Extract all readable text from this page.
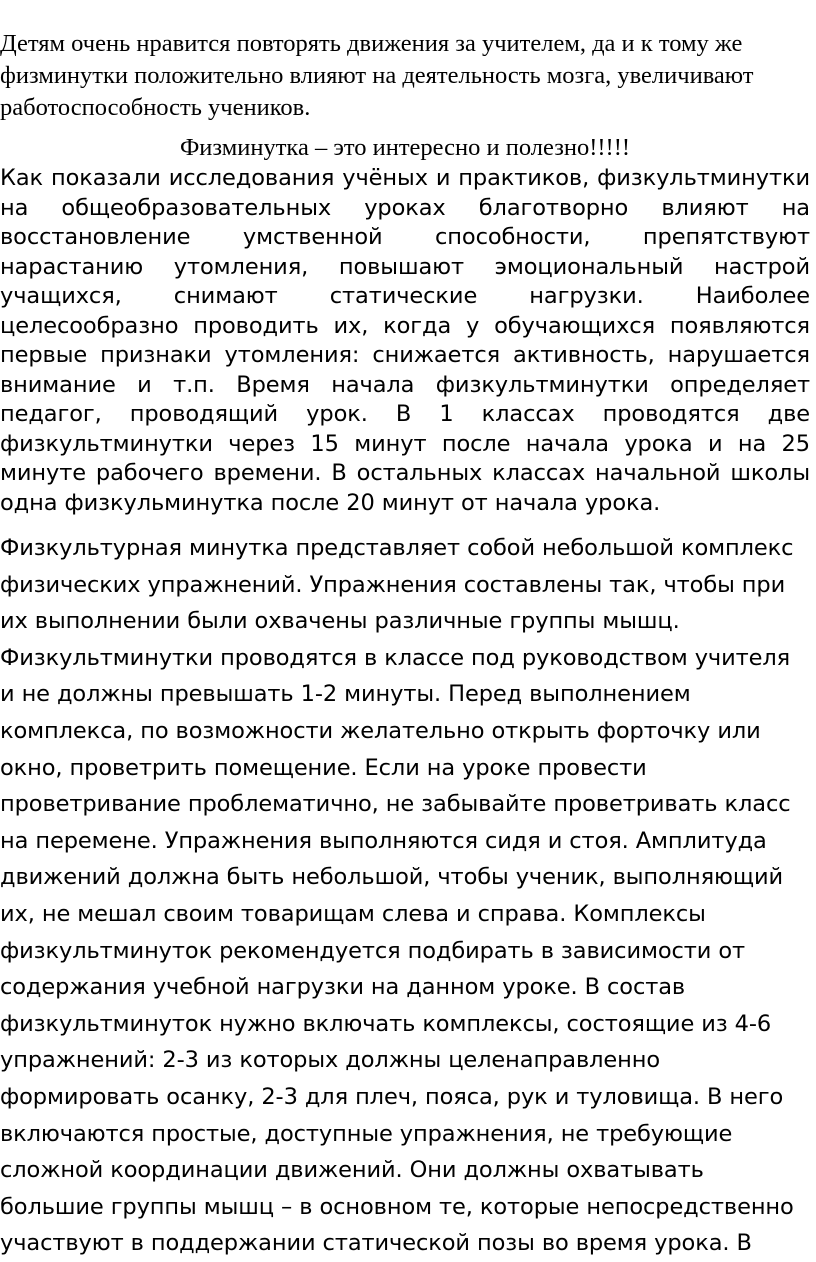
Детям очень нравится повторять движения за учителем, да и к тому же физминутки положительно влияют на деятельность мозга, увеличивают работоспособность учеников.

Физминутка – это интересно и полезно!!!!!

Как показали исследования учёных и практиков, физкультминутки на общеобразовательных уроках благотворно влияют на восстановление умственной способности, препятствуют нарастанию утомления, повышают эмоциональный настрой учащихся, снимают статические нагрузки. Наиболее целесообразно проводить их, когда у обучающихся появляются первые признаки утомления: снижается активность, нарушается внимание и т.п. Время начала физкультминутки определяет педагог, проводящий урок. В 1 классах проводятся две физкультминутки через 15 минут после начала урока и на 25 минуте рабочего времени. В остальных классах начальной школы одна физкульминутка после 20 минут от начала урока.

Физкультурная минутка представляет собой небольшой комплекс физических упражнений. Упражнения составлены так, чтобы при их выполнении были охвачены различные группы мышц. Физкультминутки проводятся в классе под руководством учителя и не должны превышать 1-2 минуты. Перед выполнением комплекса, по возможности желательно открыть форточку или окно, проветрить помещение. Если на уроке провести проветривание проблематично, не забывайте проветривать класс на перемене. Упражнения выполняются сидя и стоя. Амплитуда движений должна быть небольшой, чтобы ученик, выполняющий их, не мешал своим товарищам слева и справа. Комплексы физкультминуток рекомендуется подбирать в зависимости от содержания учебной нагрузки на данном уроке. В состав физкультминуток нужно включать комплексы, состоящие из 4-6 упражнений: 2-3 из которых должны целенаправленно формировать осанку, 2-3 для плеч, пояса, рук и туловища. В него включаются простые, доступные упражнения, не требующие сложной координации движений. Они должны охватывать большие группы мышц – в основном те, которые непосредственно участвуют в поддержании статической позы во время урока. В
